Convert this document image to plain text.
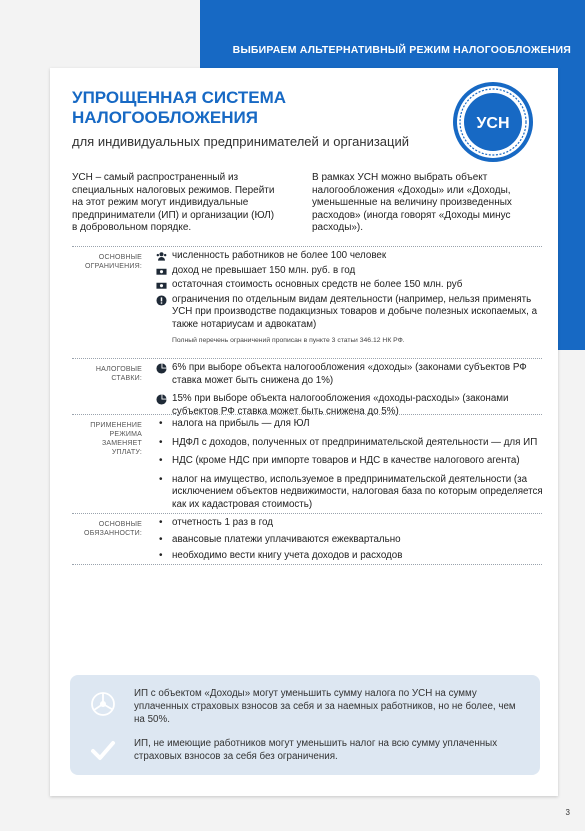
ВЫБИРАЕМ АЛЬТЕРНАТИВНЫЙ РЕЖИМ НАЛОГООБЛОЖЕНИЯ
УПРОЩЕННАЯ СИСТЕМА НАЛОГООБЛОЖЕНИЯ
для индивидуальных предпринимателей и организаций
УСН
УСН – самый распространенный из специальных налоговых режимов. Перейти на этот режим могут индивидуальные предприниматели (ИП) и организации (ЮЛ) в добровольном порядке.
В рамках УСН можно выбрать объект налогообложения «Доходы» или «Доходы, уменьшенные на величину произведенных расходов» (иногда говорят «Доходы минус расходы»).
ОСНОВНЫЕ ОГРАНИЧЕНИЯ:
численность работников не более 100 человек
доход не превышает 150 млн. руб. в год
остаточная стоимость основных средств не более 150 млн. руб
ограничения по отдельным видам деятельности (например, нельзя применять УСН при производстве подакцизных товаров и добыче полезных ископаемых, а также нотариусам и адвокатам)
Полный перечень ограничений прописан в пункте 3 статьи 346.12 НК РФ.
НАЛОГОВЫЕ СТАВКИ:
6% при выборе объекта налогообложения «доходы» (законами субъектов РФ ставка может быть снижена до 1%)
15% при выборе объекта налогообложения «доходы-расходы» (законами субъектов РФ ставка может быть снижена до 5%)
ПРИМЕНЕНИЕ РЕЖИМА ЗАМЕНЯЕТ УПЛАТУ:
• налога на прибыль — для ЮЛ
• НДФЛ с доходов, полученных от предпринимательской деятельности — для ИП
• НДС (кроме НДС при импорте товаров и НДС в качестве налогового агента)
• налог на имущество, используемое в предпринимательской деятельности (за исключением объектов недвижимости, налоговая база по которым определяется как их кадастровая стоимость)
ОСНОВНЫЕ ОБЯЗАННОСТИ:
• отчетность 1 раз в год
• авансовые платежи уплачиваются ежеквартально
• необходимо вести книгу учета доходов и расходов
ИП с объектом «Доходы» могут уменьшить сумму налога по УСН на сумму уплаченных страховых взносов за себя и за наемных работников, но не более, чем на 50%.
ИП, не имеющие работников могут уменьшить налог на всю сумму уплаченных страховых взносов за себя без ограничения.
3
